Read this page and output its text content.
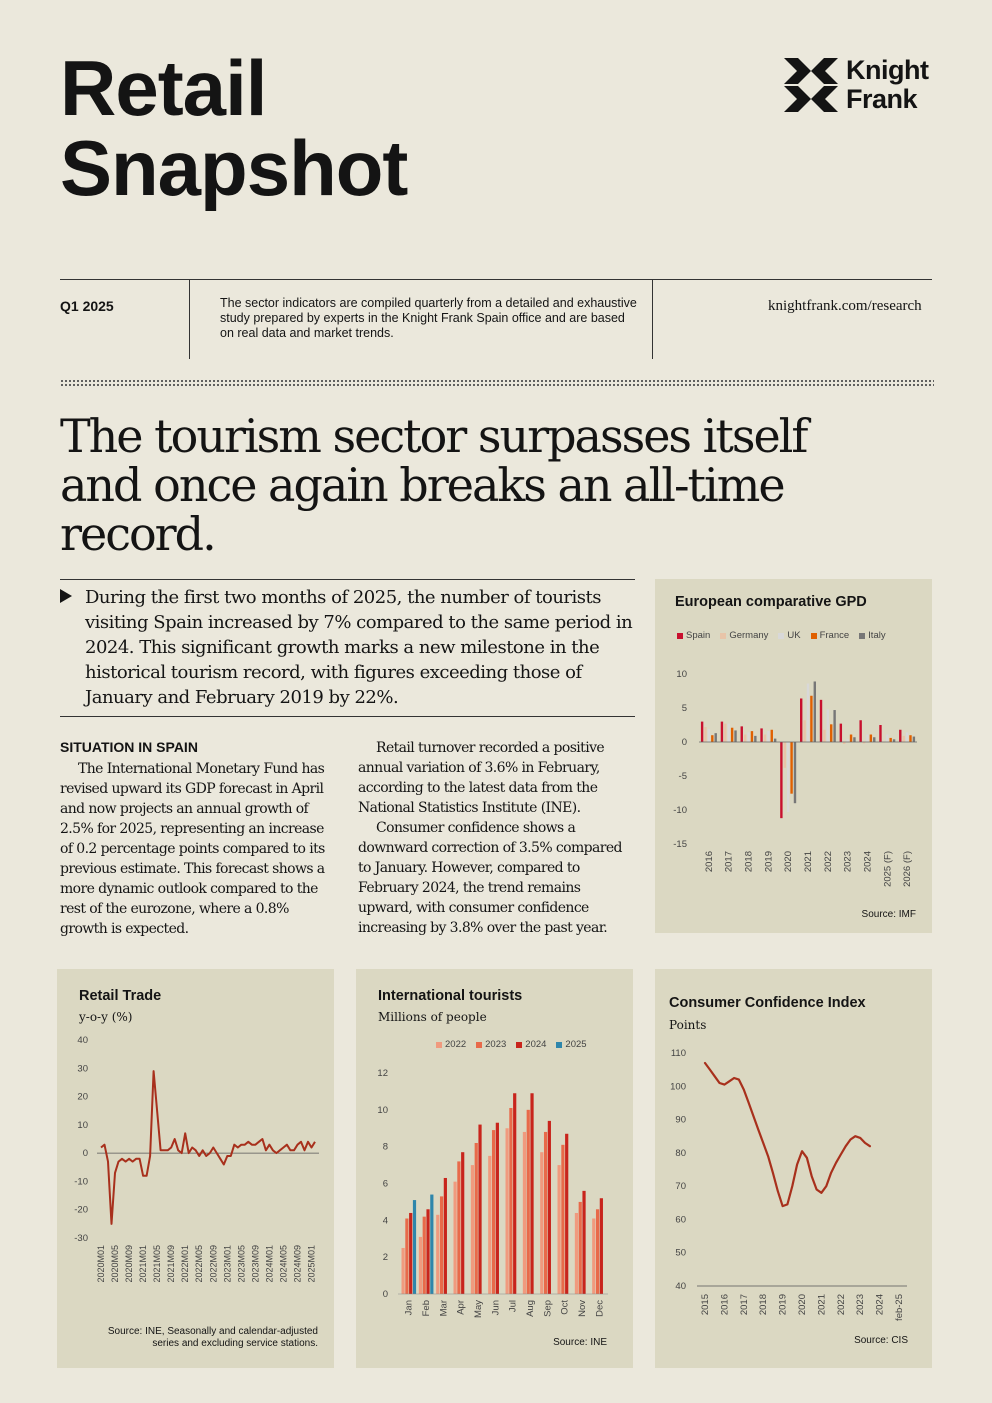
Retail
Snapshot
Knight
Frank
Q1 2025	The sector indicators are compiled quarterly from a detailed and exhaustive study prepared by experts in the Knight Frank Spain office and are based on real data and market trends.
knightfrank.com/research
The tourism sector surpasses itself and once again breaks an all-time record.
During the first two months of 2025, the number of tourists visiting Spain increased by 7% compared to the same period in 2024. This significant growth marks a new milestone in the historical tourism record, with figures exceeding those of January and February 2019 by 22%.
SITUATION IN SPAIN

The International Monetary Fund has revised upward its GDP forecast in April and now projects an annual growth of 2.5% for 2025, representing an increase of 0.2 percentage points compared to its previous estimate. This forecast shows a more dynamic outlook compared to the rest of the eurozone, where a 0.8% growth is expected.

Retail turnover recorded a positive annual variation of 3.6% in February, according to the latest data from the National Statistics Institute (INE).

Consumer confidence shows a downward correction of 3.5% compared to January. However, compared to February 2024, the trend remains upward, with consumer confidence increasing by 3.8% over the past year.

European comparative GPD
Spain Germany UK France Italy
10
5
0
-5
-10
-15
2016 2017 2018 2019 2020 2021 2022 2023 2024 2025 (F) 2026 (F)
Source: IMF
Retail Trade
y-o-y (%)
40
30
20
10
0
-10
-20
-30
2020M01 2020M05 2020M09 2021M01 2021M05 2021M09 2022M01 2022M05 2022M09 2023M01 2023M05 2023M09 2024M01 2024M05 2024M09 2025M01
Source: INE, Seasonally and calendar-adjusted
series and excluding service stations.
International tourists
Millions of people
2022 2023 2024 2025
12
10
8
6
4
2
0
Jan Feb Mar Apr May Jun Jul Aug Sep Oct Nov Dec
Source: INE
Consumer Confidence Index
Points
110
100
90
80
70
60
50
40
2015 2016 2017 2018 2019 2020 2021 2022 2023 2024 feb-25
Source: CIS
